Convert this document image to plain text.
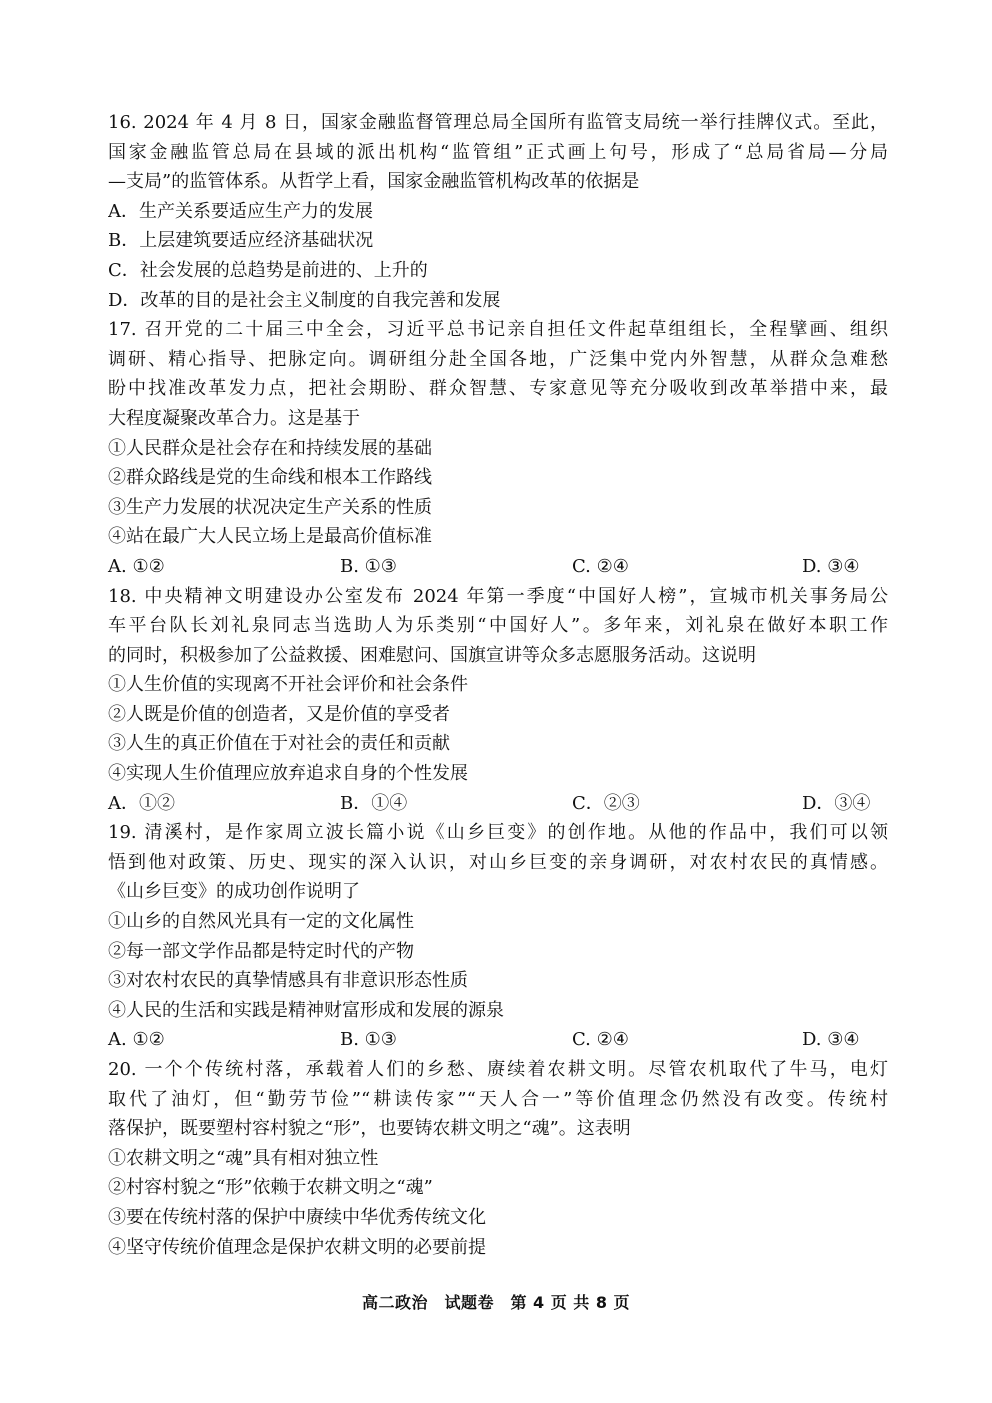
16. 2024 年 4 月 8 日，国家金融监督管理总局全国所有监管支局统一举行挂牌仪式。至此，
国家金融监管总局在县域的派出机构“监管组”正式画上句号，形成了“总局省局—分局
—支局”的监管体系。从哲学上看，国家金融监管机构改革的依据是
A．生产关系要适应生产力的发展
B．上层建筑要适应经济基础状况
C．社会发展的总趋势是前进的、上升的
D．改革的目的是社会主义制度的自我完善和发展
17. 召开党的二十届三中全会，习近平总书记亲自担任文件起草组组长，全程擘画、组织
调研、精心指导、把脉定向。调研组分赴全国各地，广泛集中党内外智慧，从群众急难愁
盼中找准改革发力点，把社会期盼、群众智慧、专家意见等充分吸收到改革举措中来，最
大程度凝聚改革合力。这是基于
①人民群众是社会存在和持续发展的基础
②群众路线是党的生命线和根本工作路线
③生产力发展的状况决定生产关系的性质
④站在最广大人民立场上是最高价值标准
A. ①②	B. ①③	C. ②④	D. ③④
18. 中央精神文明建设办公室发布 2024 年第一季度“中国好人榜”，宣城市机关事务局公
车平台队长刘礼泉同志当选助人为乐类别“中国好人”。多年来，刘礼泉在做好本职工作
的同时，积极参加了公益救援、困难慰问、国旗宣讲等众多志愿服务活动。这说明
①人生价值的实现离不开社会评价和社会条件
②人既是价值的创造者，又是价值的享受者
③人生的真正价值在于对社会的责任和贡献
④实现人生价值理应放弃追求自身的个性发展
A．①②	B．①④	C．②③	D．③④
19. 清溪村，是作家周立波长篇小说《山乡巨变》的创作地。从他的作品中，我们可以领
悟到他对政策、历史、现实的深入认识，对山乡巨变的亲身调研，对农村农民的真情感。
《山乡巨变》的成功创作说明了
①山乡的自然风光具有一定的文化属性
②每一部文学作品都是特定时代的产物
③对农村农民的真挚情感具有非意识形态性质
④人民的生活和实践是精神财富形成和发展的源泉
A. ①②	B. ①③	C. ②④	D. ③④
20. 一个个传统村落，承载着人们的乡愁、赓续着农耕文明。尽管农机取代了牛马，电灯
取代了油灯，但“勤劳节俭”“耕读传家”“天人合一”等价值理念仍然没有改变。传统村
落保护，既要塑村容村貌之“形”，也要铸农耕文明之“魂”。这表明
①农耕文明之“魂”具有相对独立性
②村容村貌之“形”依赖于农耕文明之“魂”
③要在传统村落的保护中赓续中华优秀传统文化
④坚守传统价值理念是保护农耕文明的必要前提
高二政治　试题卷　第 4 页 共 8 页
